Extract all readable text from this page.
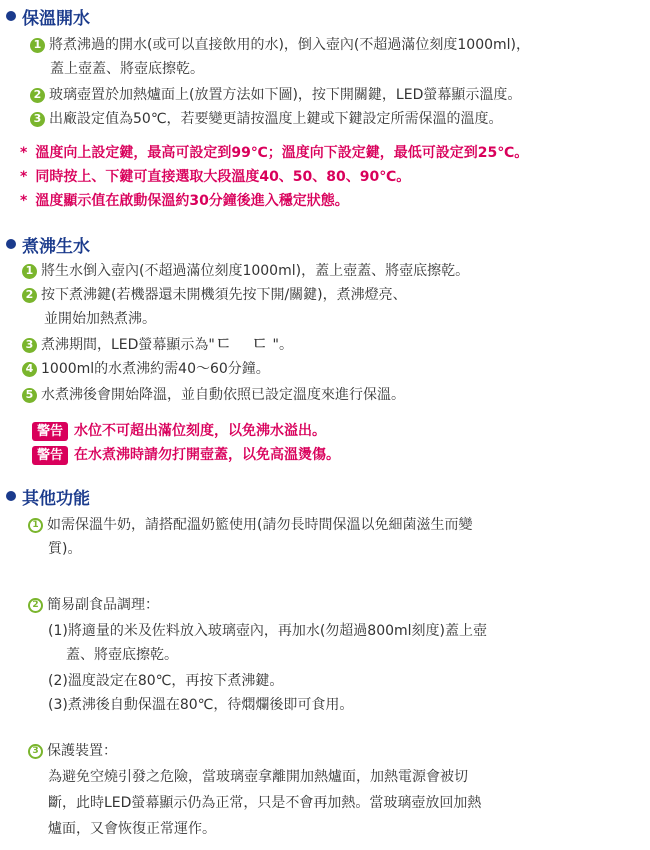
保溫開水
1 將煮沸過的開水(或可以直接飲用的水)，倒入壺內(不超過滿位刻度1000ml)，
蓋上壺蓋、將壺底擦乾。
2 玻璃壺置於加熱爐面上(放置方法如下圖)，按下開關鍵，LED螢幕顯示溫度。
3 出廠設定值為50℃，若要變更請按溫度上鍵或下鍵設定所需保溫的溫度。
* 溫度向上設定鍵，最高可設定到99℃；溫度向下設定鍵，最低可設定到25℃。
* 同時按上、下鍵可直接選取大段溫度40、50、80、90℃。
* 溫度顯示值在啟動保溫約30分鐘後進入穩定狀態。
煮沸生水
1 將生水倒入壺內(不超過滿位刻度1000ml)，蓋上壺蓋、將壺底擦乾。
2 按下煮沸鍵(若機器還未開機須先按下開/關鍵)，煮沸燈亮、
並開始加熱煮沸。
3 煮沸期間，LED螢幕顯示為" ㄷ ㄷ "。
4 1000ml的水煮沸約需40～60分鐘。
5 水煮沸後會開始降溫，並自動依照已設定溫度來進行保溫。
警告 水位不可超出滿位刻度，以免沸水溢出。
警告 在水煮沸時請勿打開壺蓋，以免高溫燙傷。
其他功能
1 如需保溫牛奶，請搭配溫奶籃使用(請勿長時間保溫以免細菌滋生而變
質)。
2 簡易副食品調理：
(1)將適量的米及佐料放入玻璃壺內，再加水(勿超過800ml刻度)蓋上壺
蓋、將壺底擦乾。
(2)溫度設定在80℃，再按下煮沸鍵。
(3)煮沸後自動保溫在80℃，待燜爛後即可食用。
3 保護裝置：
為避免空燒引發之危險，當玻璃壺拿離開加熱爐面，加熱電源會被切
斷，此時LED螢幕顯示仍為正常，只是不會再加熱。當玻璃壺放回加熱
爐面，又會恢復正常運作。
